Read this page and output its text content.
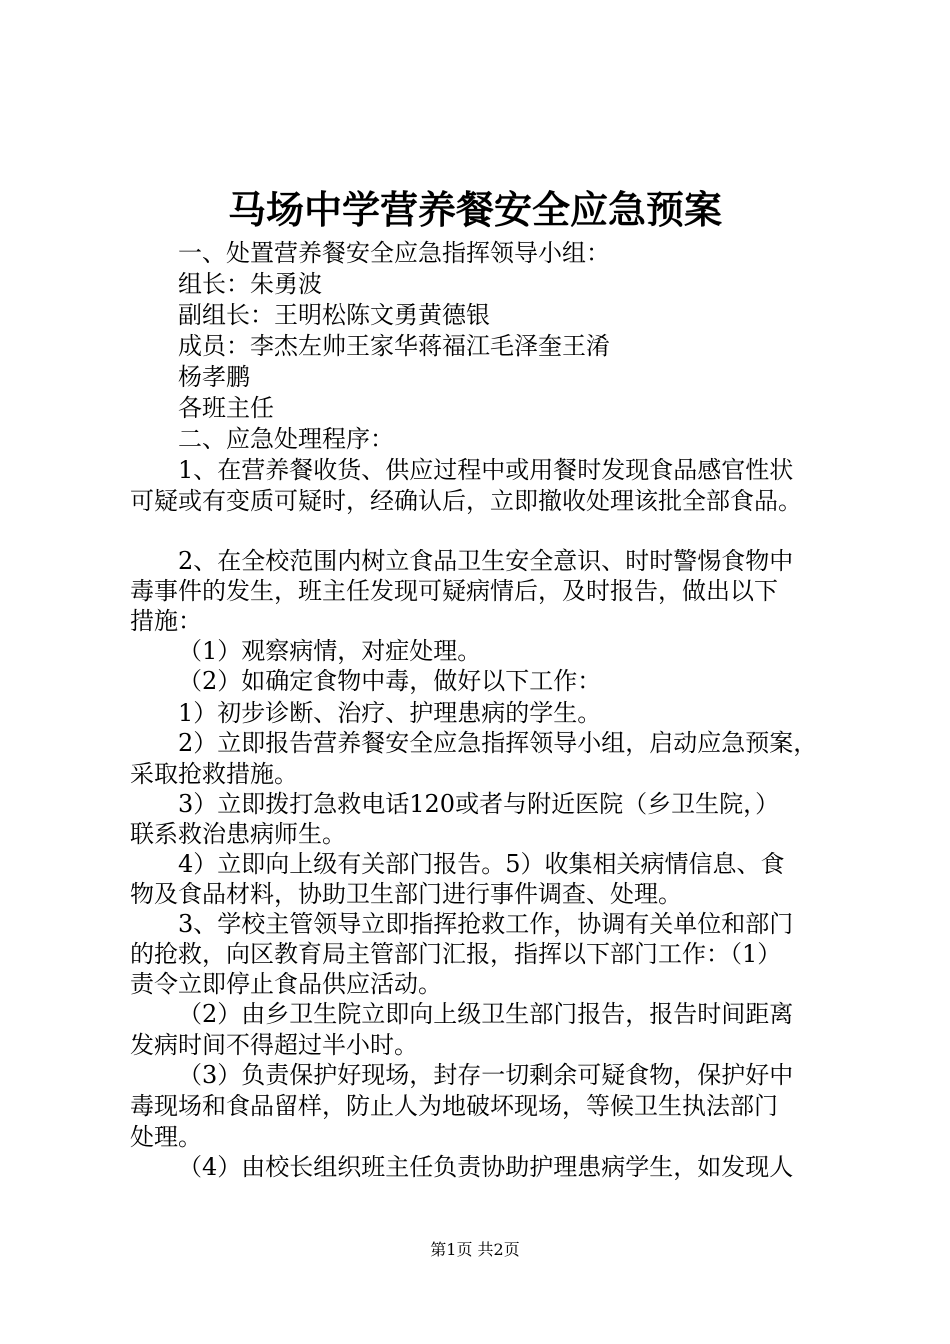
马场中学营养餐安全应急预案

一、处置营养餐安全应急指挥领导小组：

组长：朱勇波

副组长：王明松陈文勇黄德银

成员：李杰左帅王家华蒋福江毛泽奎王淆

杨孝鹏

各班主任

二、应急处理程序：

1、在营养餐收货、供应过程中或用餐时发现食品感官性状

可疑或有变质可疑时，经确认后，立即撤收处理该批全部食品。

2、在全校范围内树立食品卫生安全意识、时时警惕食物中

毒事件的发生，班主任发现可疑病情后，及时报告，做出以下

措施：

（1）观察病情，对症处理。

（2）如确定食物中毒，做好以下工作：

1）初步诊断、治疗、护理患病的学生。

2）立即报告营养餐安全应急指挥领导小组，启动应急预案，

采取抢救措施。

3）立即拨打急救电话120或者与附近医院（乡卫生院，）

联系救治患病师生。

4）立即向上级有关部门报告。5）收集相关病情信息、食

物及食品材料，协助卫生部门进行事件调查、处理。

3、学校主管领导立即指挥抢救工作，协调有关单位和部门

的抢救，向区教育局主管部门汇报，指挥以下部门工作：（1）

责令立即停止食品供应活动。

（2）由乡卫生院立即向上级卫生部门报告，报告时间距离

发病时间不得超过半小时。

（3）负责保护好现场，封存一切剩余可疑食物，保护好中

毒现场和食品留样，防止人为地破坏现场，等候卫生执法部门

处理。

（4）由校长组织班主任负责协助护理患病学生，如发现人

第1页 共2页
